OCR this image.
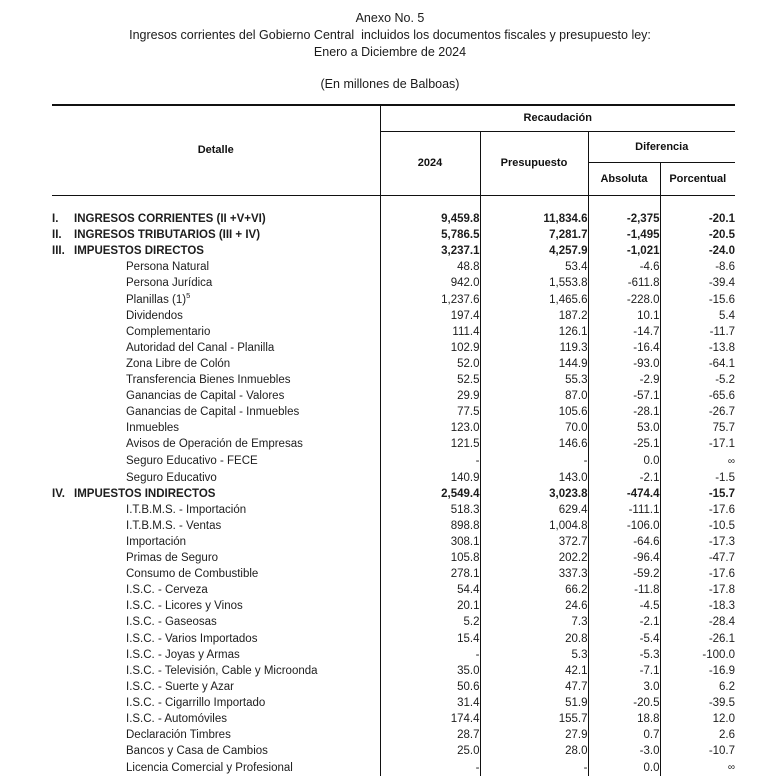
Anexo No. 5
Ingresos corrientes del Gobierno Central  incluidos los documentos fiscales y presupuesto ley:
Enero a Diciembre de 2024
(En millones de Balboas)
Detalle	Recaudación			
	2024	Presupuesto	Diferencia	
			Absoluta	Porcentual

I. INGRESOS CORRIENTES (II +V+VI)	9,459.8	11,834.6	-2,375	-20.1

II. INGRESOS TRIBUTARIOS (III + IV)	5,786.5	7,281.7	-1,495	-20.5

III. IMPUESTOS DIRECTOS	3,237.1	4,257.9	-1,021	-24.0

Persona Natural	48.8	53.4	-4.6	-8.6

Persona Jurídica	942.0	1,553.8	-611.8	-39.4

Planillas $(1)^5$	1,237.6	1,465.6	-228.0	-15.6

Dividendos	197.4	187.2	10.1	5.4

Complementario	111.4	126.1	-14.7	-11.7

Autoridad del Canal - Planilla	102.9	119.3	-16.4	-13.8

Zona Libre de Colón	52.0	144.9	-93.0	-64.1

Transferencia Bienes Inmuebles	52.5	55.3	-2.9	-5.2

Ganancias de Capital - Valores	29.9	87.0	-57.1	-65.6

Ganancias de Capital - Inmuebles	77.5	105.6	-28.1	-26.7

Inmuebles	123.0	70.0	53.0	75.7

Avisos de Operación de Empresas	121.5	146.6	-25.1	-17.1

Seguro Educativo - FECE	-	-	0.0	∞

Seguro Educativo	140.9	143.0	-2.1	-1.5

IV. IMPUESTOS INDIRECTOS	2,549.4	3,023.8	-474.4	-15.7

I.T.B.M.S. - Importación	518.3	629.4	-111.1	-17.6

I.T.B.M.S. - Ventas	898.8	1,004.8	-106.0	-10.5

Importación	308.1	372.7	-64.6	-17.3

Primas de Seguro	105.8	202.2	-96.4	-47.7

Consumo de Combustible	278.1	337.3	-59.2	-17.6

I.S.C. - Cerveza	54.4	66.2	-11.8	-17.8

I.S.C. - Licores y Vinos	20.1	24.6	-4.5	-18.3

I.S.C. - Gaseosas	5.2	7.3	-2.1	-28.4

I.S.C. - Varios Importados	15.4	20.8	-5.4	-26.1

I.S.C. - Joyas y Armas	-	5.3	-5.3	-100.0

I.S.C. - Televisión, Cable y Microonda	35.0	42.1	-7.1	-16.9

I.S.C. - Suerte y Azar	50.6	47.7	3.0	6.2

I.S.C. - Cigarrillo Importado	31.4	51.9	-20.5	-39.5

I.S.C. - Automóviles	174.4	155.7	18.8	12.0

Declaración Timbres	28.7	27.9	0.7	2.6

Bancos y Casa de Cambios	25.0	28.0	-3.0	-10.7

Licencia Comercial y Profesional	-	-	0.0	∞
